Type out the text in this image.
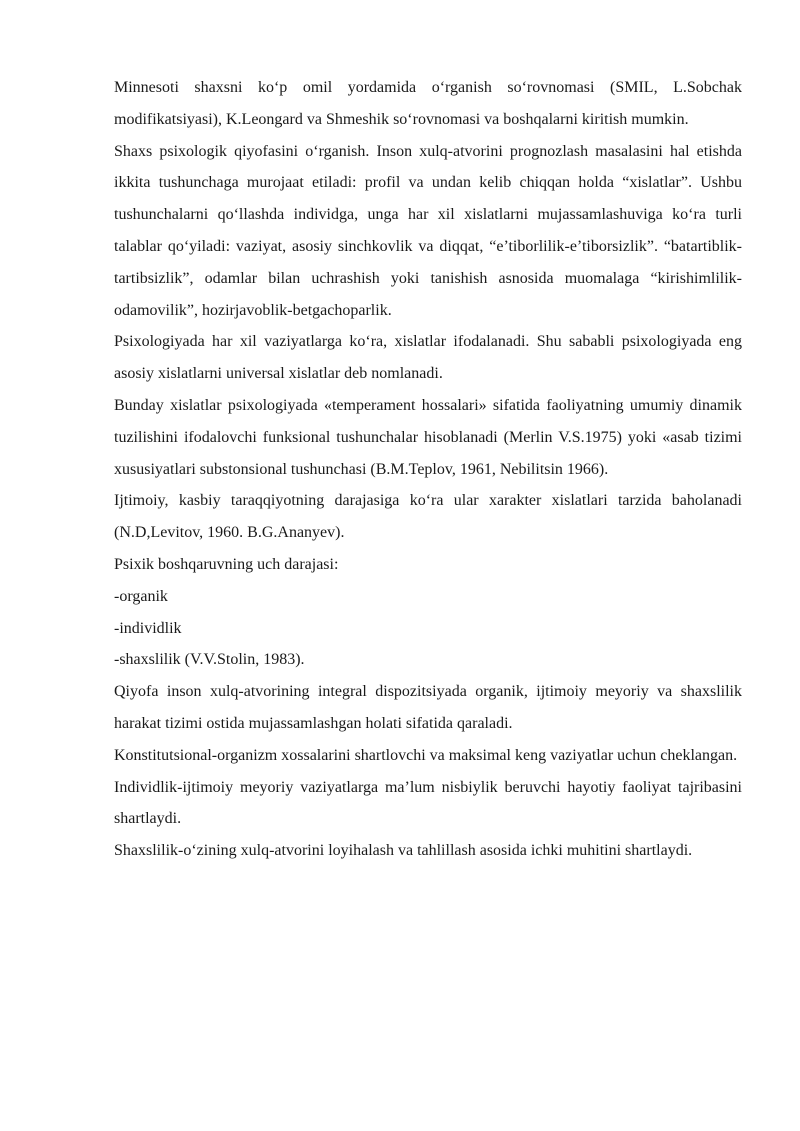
Minnesoti shaxsni ko‘p omil yordamida o‘rganish so‘rovnomasi (SMIL, L.Sobchak modifikatsiyasi), K.Leongard va Shmeshik so‘rovnomasi va boshqalarni kiritish mumkin.

Shaxs psixologik qiyofasini o‘rganish. Inson xulq-atvorini prognozlash masalasini hal etishda ikkita tushunchaga murojaat etiladi: profil va undan kelib chiqqan holda “xislatlar”. Ushbu tushunchalarni qo‘llashda individga, unga har xil xislatlarni mujassamlashuviga ko‘ra turli talablar qo‘yiladi: vaziyat, asosiy sinchkovlik va diqqat, “e’tiborlilik-e’tiborsizlik”. “batartiblik-tartibsizlik”, odamlar bilan uchrashish yoki tanishish asnosida muomalaga “kirishimlilik-odamovilik”, hozirjavoblik-betgachoparlik.

Psixologiyada har xil vaziyatlarga ko‘ra, xislatlar ifodalanadi. Shu sababli psixologiyada eng asosiy xislatlarni universal xislatlar deb nomlanadi.

Bunday xislatlar psixologiyada «temperament hossalari» sifatida faoliyatning umumiy dinamik tuzilishini ifodalovchi funksional tushunchalar hisoblanadi (Merlin V.S.1975) yoki «asab tizimi xususiyatlari substonsional tushunchasi (B.M.Teplov, 1961, Nebilitsin 1966).

Ijtimoiy, kasbiy taraqqiyotning darajasiga ko‘ra ular xarakter xislatlari tarzida baholanadi (N.D,Levitov, 1960. B.G.Ananyev).

Psixik boshqaruvning uch darajasi:

-organik

-individlik

-shaxslilik (V.V.Stolin, 1983).

Qiyofa inson xulq-atvorining integral dispozitsiyada organik, ijtimoiy meyoriy va shaxslilik harakat tizimi ostida mujassamlashgan holati sifatida qaraladi.

Konstitutsional-organizm xossalarini shartlovchi va maksimal keng vaziyatlar uchun cheklangan.

Individlik-ijtimoiy meyoriy vaziyatlarga ma’lum nisbiylik beruvchi hayotiy faoliyat tajribasini shartlaydi.

Shaxslilik-o‘zining xulq-atvorini loyihalash va tahlillash asosida ichki muhitini shartlaydi.
